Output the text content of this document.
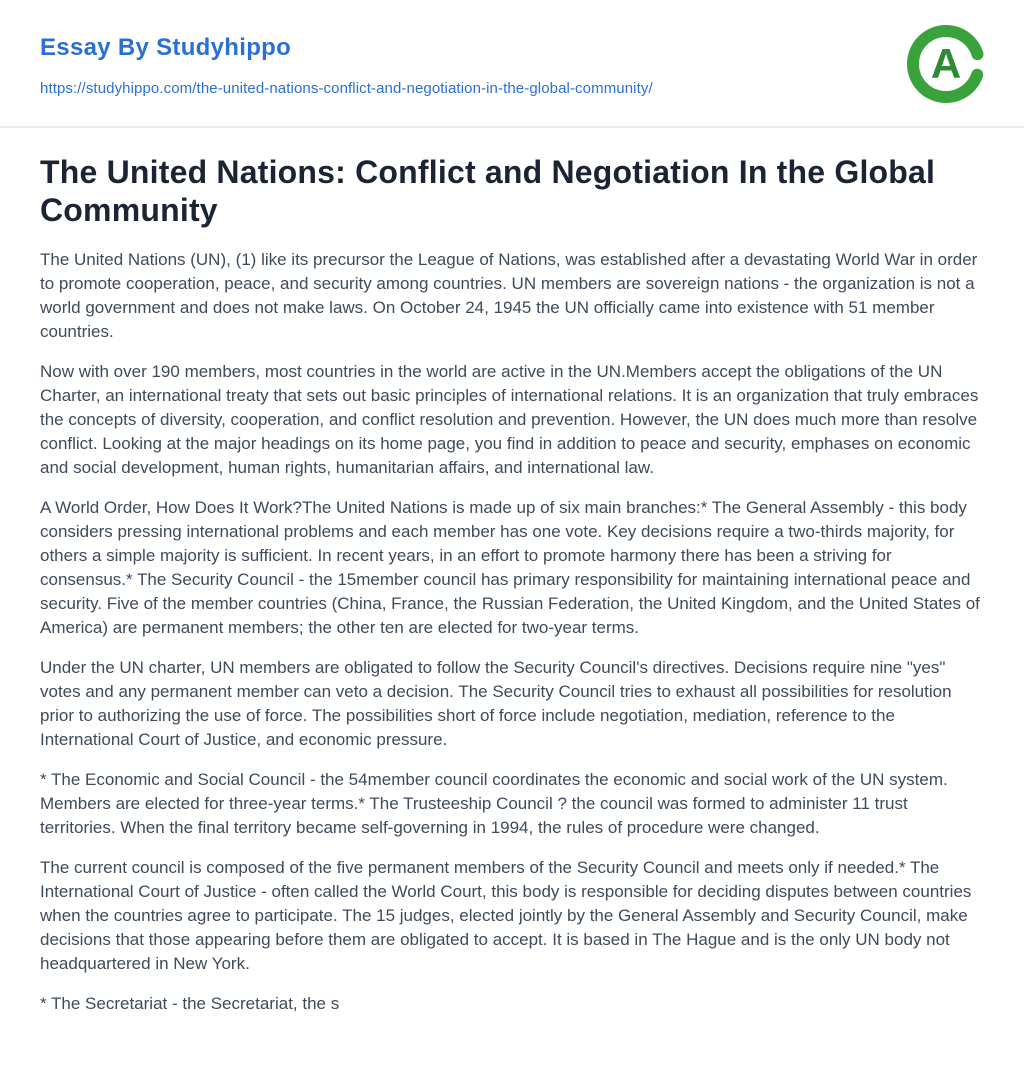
Essay By Studyhippo
https://studyhippo.com/the-united-nations-conflict-and-negotiation-in-the-global-community/
A
The United Nations: Conflict and Negotiation In the Global Community

The United Nations (UN), (1) like its precursor the League of Nations, was established after a devastating World War in order to promote cooperation, peace, and security among countries. UN members are sovereign nations - the organization is not a world government and does not make laws. On October 24, 1945 the UN officially came into existence with 51 member countries.

Now with over 190 members, most countries in the world are active in the UN.Members accept the obligations of the UN Charter, an international treaty that sets out basic principles of international relations. It is an organization that truly embraces the concepts of diversity, cooperation, and conflict resolution and prevention. However, the UN does much more than resolve conflict. Looking at the major headings on its home page, you find in addition to peace and security, emphases on economic and social development, human rights, humanitarian affairs, and international law.

A World Order, How Does It Work?The United Nations is made up of six main branches:* The General Assembly - this body considers pressing international problems and each member has one vote. Key decisions require a two-thirds majority, for others a simple majority is sufficient. In recent years, in an effort to promote harmony there has been a striving for consensus.* The Security Council - the 15member council has primary responsibility for maintaining international peace and security. Five of the member countries (China, France, the Russian Federation, the United Kingdom, and the United States of America) are permanent members; the other ten are elected for two-year terms.

Under the UN charter, UN members are obligated to follow the Security Council's directives. Decisions require nine "yes" votes and any permanent member can veto a decision. The Security Council tries to exhaust all possibilities for resolution prior to authorizing the use of force. The possibilities short of force include negotiation, mediation, reference to the International Court of Justice, and economic pressure.

* The Economic and Social Council - the 54member council coordinates the economic and social work of the UN system. Members are elected for three-year terms.* The Trusteeship Council ? the council was formed to administer 11 trust territories. When the final territory became self-governing in 1994, the rules of procedure were changed.

The current council is composed of the five permanent members of the Security Council and meets only if needed.* The International Court of Justice - often called the World Court, this body is responsible for deciding disputes between countries when the countries agree to participate. The 15 judges, elected jointly by the General Assembly and Security Council, make decisions that those appearing before them are obligated to accept. It is based in The Hague and is the only UN body not headquartered in New York.

* The Secretariat - the Secretariat, the s
